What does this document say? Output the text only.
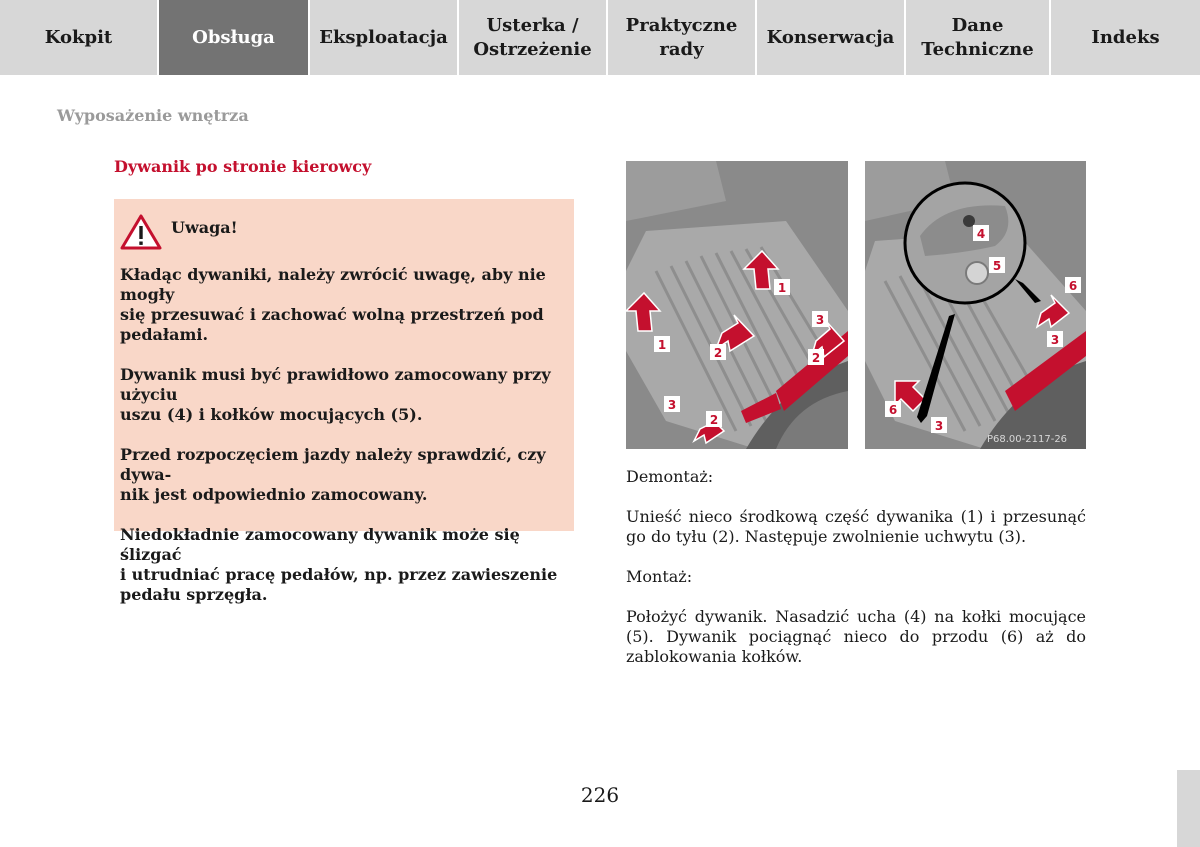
Kokpit	Obsługa	Eksploatacja
Usterka /
Ostrzeżenie
Praktyczne
rady
Konserwacja
Dane
Techniczne
Indeks
Wyposażenie wnętrza
Dywanik po stronie kierowcy
Uwaga!

Kładąc dywaniki, należy zwrócić uwagę, aby nie mogły
się przesuwać i zachować wolną przestrzeń pod
pedałami.

Dywanik musi być prawidłowo zamocowany przy użyciu
uszu (4) i kołków mocujących (5).

Przed rozpoczęciem jazdy należy sprawdzić, czy dywa-
nik jest odpowiednio zamocowany.

Niedokładnie zamocowany dywanik może się ślizgać
i utrudniać pracę pedałów, np. przez zawieszenie
pedału sprzęgła.

1
1
2	2
2
3
3
4
5
6
6
3
3
P68.00-2117-26

Demontaż:

Unieść nieco środkową część dywanika (1) i przesunąć go do tyłu (2). Następuje zwolnienie uchwytu (3).

Montaż:

Położyć dywanik. Nasadzić ucha (4) na kołki mocujące (5). Dywanik pociągnąć nieco do przodu (6) aż do zablokowania kołków.

226
